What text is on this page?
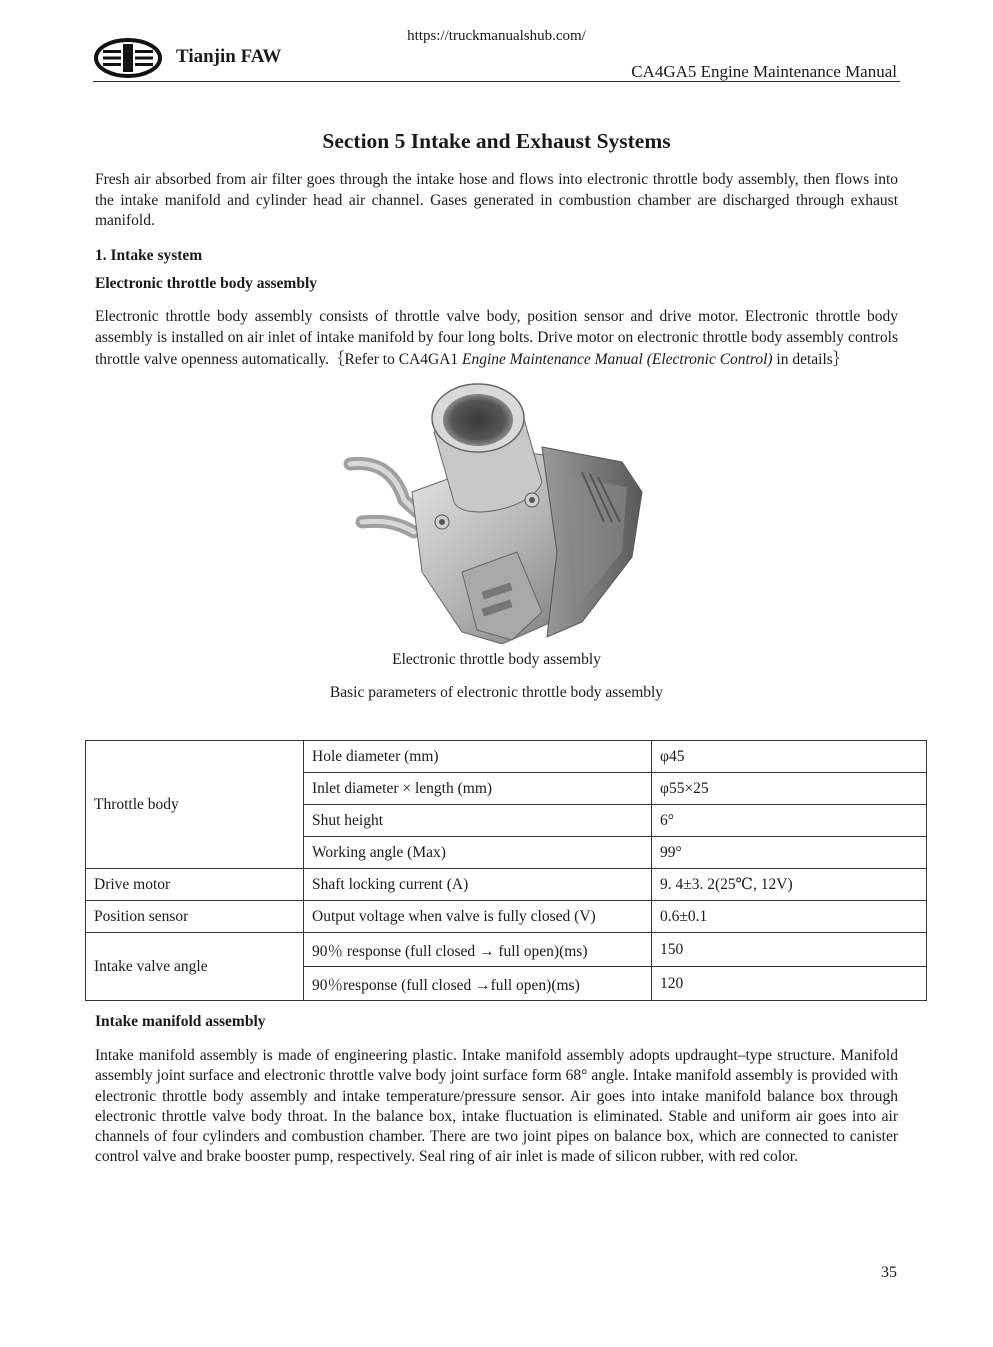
https://truckmanualshub.com/
Tianjin FAW
CA4GA5 Engine Maintenance Manual
Section 5 Intake and Exhaust Systems

Fresh air absorbed from air filter goes through the intake hose and flows into electronic throttle body assembly, then flows into the intake manifold and cylinder head air channel. Gases generated in combustion chamber are discharged through exhaust manifold.

1. Intake system

Electronic throttle body assembly

Electronic throttle body assembly consists of throttle valve body, position sensor and drive motor. Electronic throttle body assembly is installed on air inlet of intake manifold by four long bolts. Drive motor on electronic throttle body assembly controls throttle valve openness automatically.｛Refer to CA4GA1 Engine Maintenance Manual (Electronic Control) in details｝

Electronic throttle body assembly

Basic parameters of electronic throttle body assembly

Throttle body	Hole diameter (mm)	φ45
	Inlet diameter × length (mm)	φ55×25
	Shut height	6°
	Working angle (Max)	99°
Drive motor	Shaft locking current (A)	9. 4±3. 2(25℃, 12V)
Position sensor	Output voltage when valve is fully closed (V)	0.6±0.1
Intake valve angle	90％ response (full closed → full open)(ms)	150
	90％response (full closed →full open)(ms)	120

Intake manifold assembly

Intake manifold assembly is made of engineering plastic. Intake manifold assembly adopts updraught–type structure. Manifold assembly joint surface and electronic throttle valve body joint surface form 68° angle. Intake manifold assembly is provided with electronic throttle body assembly and intake temperature/pressure sensor. Air goes into intake manifold balance box through electronic throttle valve body throat. In the balance box, intake fluctuation is eliminated. Stable and uniform air goes into air channels of four cylinders and combustion chamber. There are two joint pipes on balance box, which are connected to canister control valve and brake booster pump, respectively. Seal ring of air inlet is made of silicon rubber, with red color.

35
